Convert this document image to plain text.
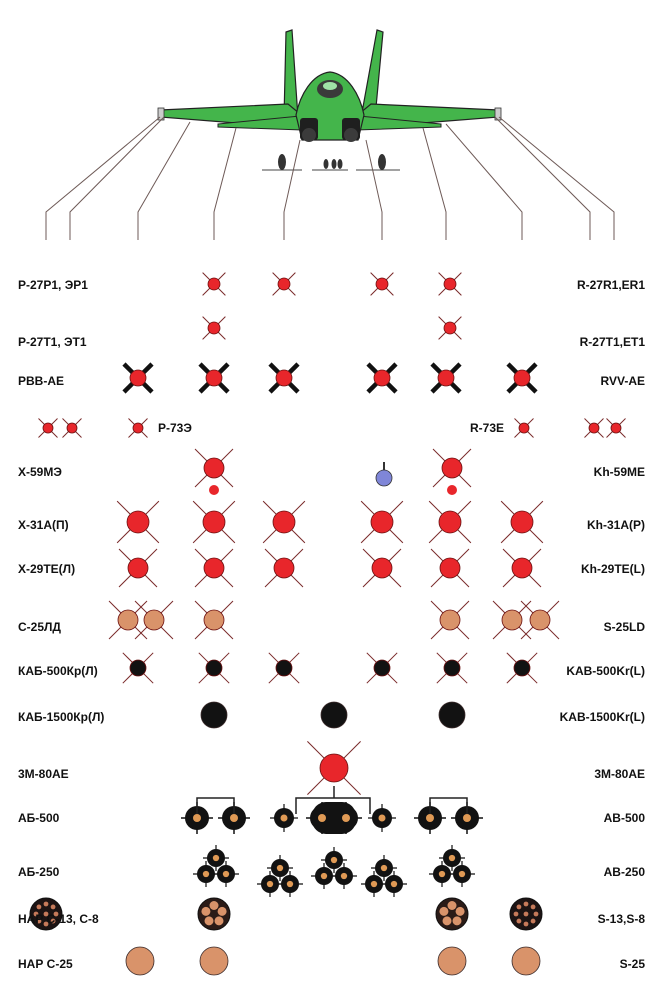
Р-27Р1, ЭР1
Р-27Т1, ЭТ1
РВВ-АЕ
Р-73Э
Х-59МЭ
Х-31А(П)
Х-29ТЕ(Л)
С-25ЛД
КАБ-500Кр(Л)
КАБ-1500Кр(Л)
3М-80АЕ
АБ-500
АБ-250
НАР С-13, С-8
НАР С-25
R-27R1,ER1
R-27T1,ET1
RVV-AE
R-73E
Kh-59ME
Kh-31A(P)
Kh-29TE(L)
S-25LD
KAB-500Kr(L)
KAB-1500Kr(L)
3M-80AE
AB-500
AB-250
S-13,S-8
S-25
